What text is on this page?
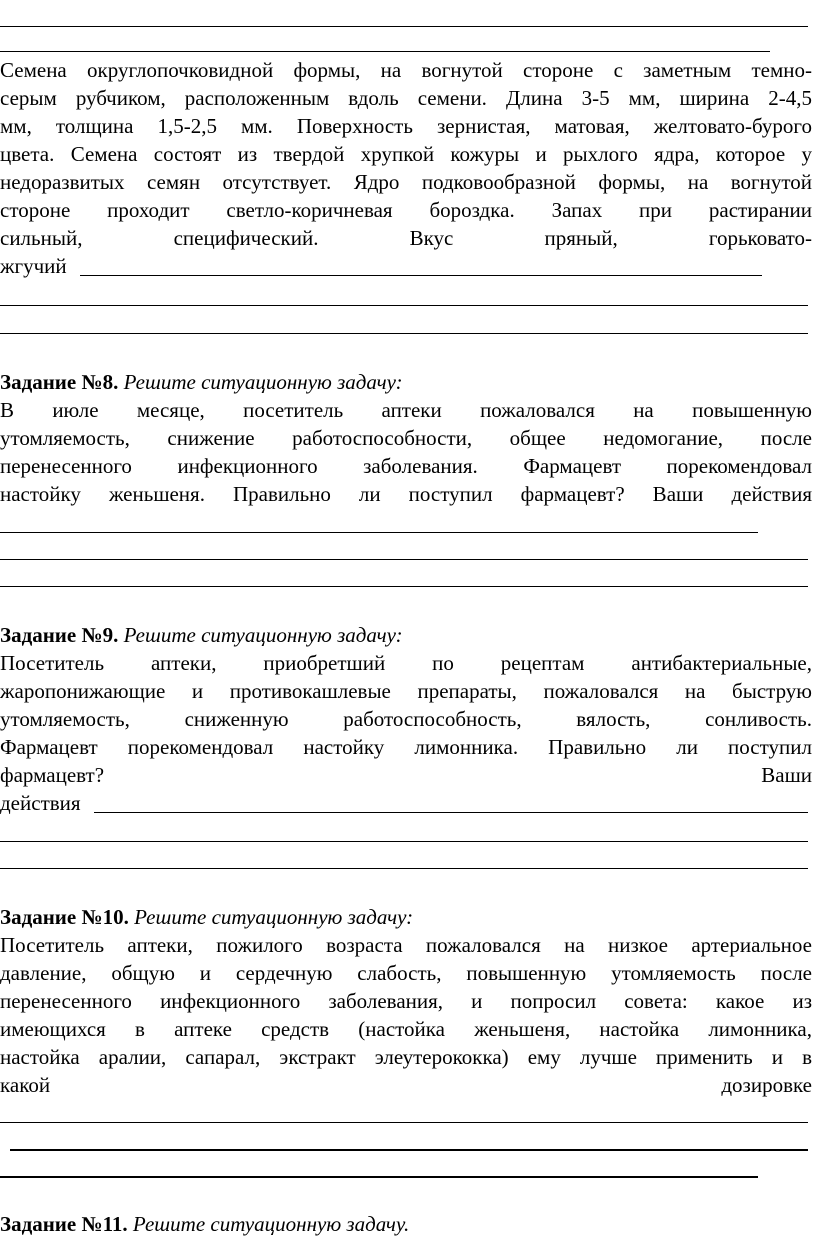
Семена округлопочковидной формы, на вогнутой стороне с заметным темно-
серым рубчиком, расположенным вдоль семени. Длина 3-5 мм, ширина 2-4,5
мм, толщина 1,5-2,5 мм. Поверхность зернистая, матовая, желтовато-бурого
цвета. Семена состоят из твердой хрупкой кожуры и рыхлого ядра, которое у
недоразвитых семян отсутствует. Ядро подковообразной формы, на вогнутой
стороне проходит светло-коричневая бороздка. Запах при растирании
сильный, специфический. Вкус пряный, горьковато-
жгучий
Задание №8. Решите ситуационную задачу:
В июле месяце, посетитель аптеки пожаловался на повышенную
утомляемость, снижение работоспособности, общее недомогание, после
перенесенного инфекционного заболевания. Фармацевт порекомендовал
настойку женьшеня. Правильно ли поступил фармацевт? Ваши действия
Задание №9. Решите ситуационную задачу:
Посетитель аптеки, приобретший по рецептам антибактериальные,
жаропонижающие и противокашлевые препараты, пожаловался на быструю
утомляемость, сниженную работоспособность, вялость, сонливость.
Фармацевт порекомендовал настойку лимонника. Правильно ли поступил
фармацевт? Ваши
действия
Задание №10. Решите ситуационную задачу:
Посетитель аптеки, пожилого возраста пожаловался на низкое артериальное
давление, общую и сердечную слабость, повышенную утомляемость после
перенесенного инфекционного заболевания, и попросил совета: какое из
имеющихся в аптеке средств (настойка женьшеня, настойка лимонника,
настойка аралии, сапарал, экстракт элеутерококка) ему лучше применить и в
какой дозировке
Задание №11. Решите ситуационную задачу.
